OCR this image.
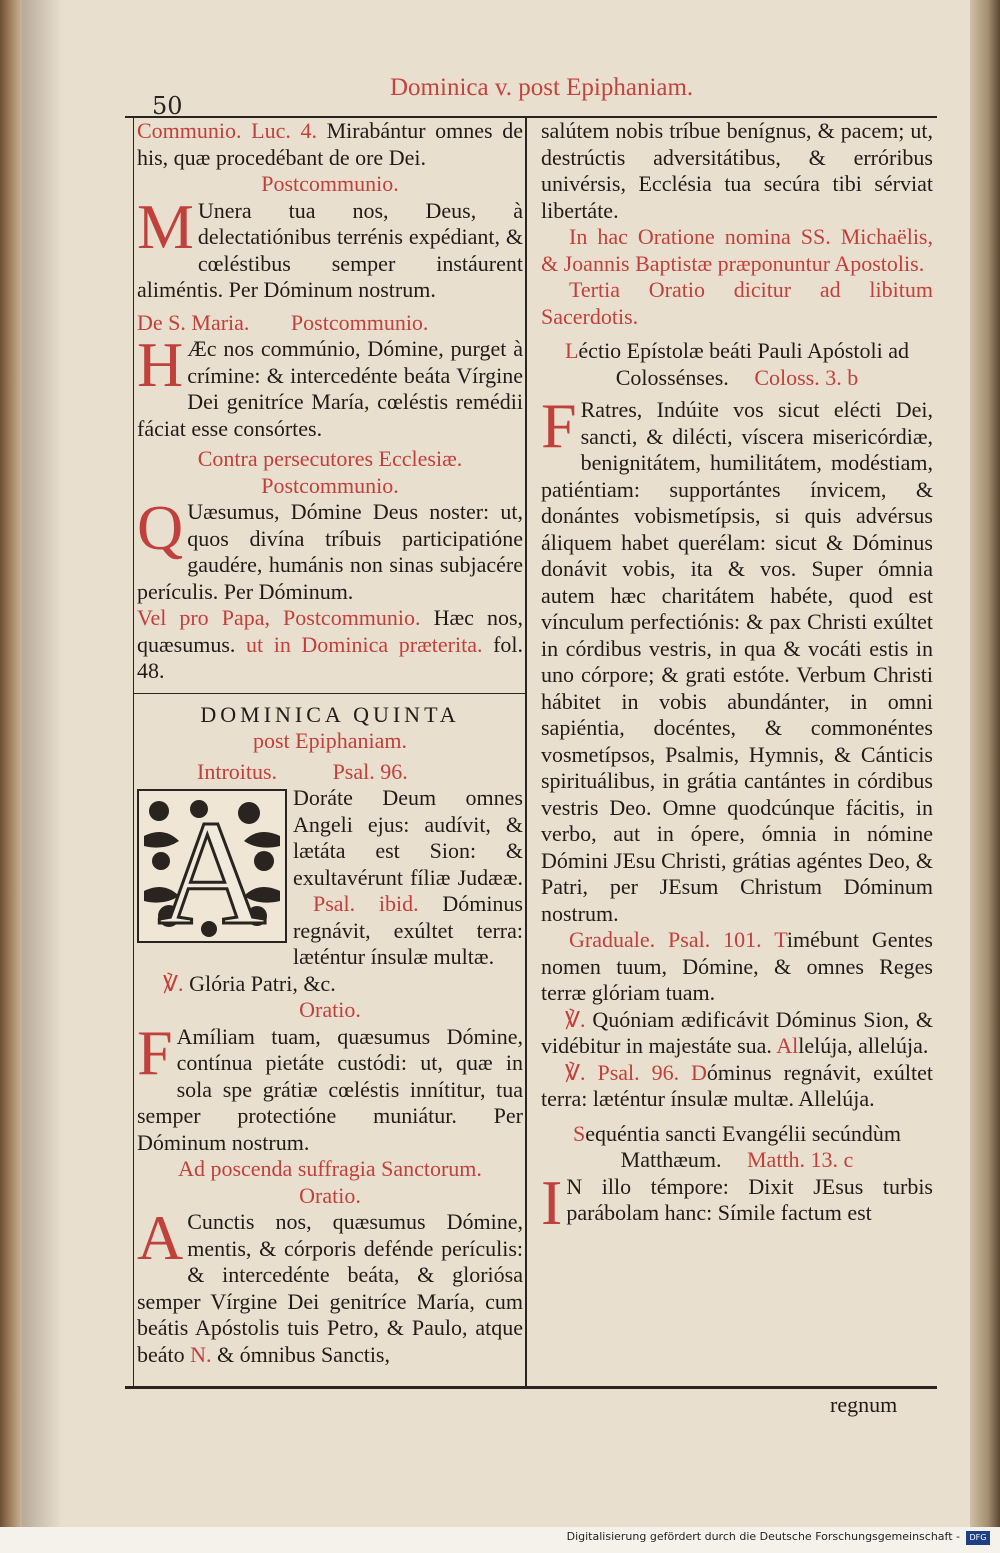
50
Dominica v. post Epiphaniam.

Communio. Luc. 4. Mirabántur omnes de his, quæ procedébant de ore Dei.

Postcommunio.

M Unera tua nos, Deus, à delectatiónibus terrénis expédiant, & cœléstibus semper instáurent aliméntis. Per Dóminum nostrum.

De S. Maria. Postcommunio.

H Æc nos commúnio, Dómine, purget à crímine: & intercedénte beáta Vírgine Dei genitríce María, cœléstis remédii fáciat esse consórtes.

Contra persecutores Ecclesiæ.

Postcommunio.

Q Uæsumus, Dómine Deus noster: ut, quos divína tríbuis participatióne gaudére, humánis non sinas subjacére perículis. Per Dóminum.

Vel pro Papa, Postcommunio. Hæc nos, quæsumus. ut in Dominica præterita. fol. 48.

DOMINICA QUINTA

post Epiphaniam.

Introitus.	Psal. 96.

A Doráte Deum omnes Angeli ejus: audívit, & lætáta est Sion: & exultavérunt fíliæ Judææ. Psal. ibid. Dóminus regnávit, exúltet terra: læténtur ínsulæ multæ.

℣. Glória Patri, &c.

Oratio.

F Amíliam tuam, quæsumus Dómine, contínua pietáte custódi: ut, quæ in sola spe grátiæ cœléstis innítitur, tua semper protectióne muniátur. Per Dóminum nostrum.

Ad poscenda suffragia Sanctorum.

Oratio.

A Cunctis nos, quæsumus Dómine, mentis, & córporis defénde perículis: & intercedénte beáta, & gloriósa semper Vírgine Dei genitríce María, cum beátis Apóstolis tuis Petro, & Paulo, atque beáto N. & ómnibus Sanctis,

salútem nobis tríbue benígnus, & pacem; ut, destrúctis adversitátibus, & erróribus univérsis, Ecclésia tua secúra tibi sérviat libertáte.

In hac Oratione nomina SS. Michaëlis, & Joannis Baptistæ præponuntur Apostolis.

Tertia Oratio dicitur ad libitum Sacerdotis.

Léctio Epístolæ beáti Pauli Apóstoli ad Colossénses. Coloss. 3. b

F Ratres, Indúite vos sicut elécti Dei, sancti, & dilécti, víscera misericórdiæ, benignitátem, humilitátem, modéstiam, patiéntiam: supportántes ínvicem, & donántes vobismetípsis, si quis advérsus áliquem habet querélam: sicut & Dóminus donávit vobis, ita & vos. Super ómnia autem hæc charitátem habéte, quod est vínculum perfectiónis: & pax Christi exúltet in córdibus vestris, in qua & vocáti estis in uno córpore; & grati estóte. Verbum Christi hábitet in vobis abundánter, in omni sapiéntia, docéntes, & commonéntes vosmetípsos, Psalmis, Hymnis, & Cánticis spirituálibus, in grátia cantántes in córdibus vestris Deo. Omne quodcúnque fácitis, in verbo, aut in ópere, ómnia in nómine Dómini JEsu Christi, grátias agéntes Deo, & Patri, per JEsum Christum Dóminum nostrum.

Graduale. Psal. 101. Timébunt Gentes nomen tuum, Dómine, & omnes Reges terræ glóriam tuam.

℣. Quóniam ædificávit Dóminus Sion, & vidébitur in majestáte sua. Allelúja, allelúja.

℣. Psal. 96. Dóminus regnávit, exúltet terra: læténtur ínsulæ multæ. Allelúja.

Sequéntia sancti Evangélii secúndùm Matthæum. Matth. 13. c

I N illo témpore: Dixit JEsus turbis parábolam hanc: Símile factum est

regnum
Digitalisierung gefördert durch die Deutsche Forschungsgemeinschaft -	DFG
